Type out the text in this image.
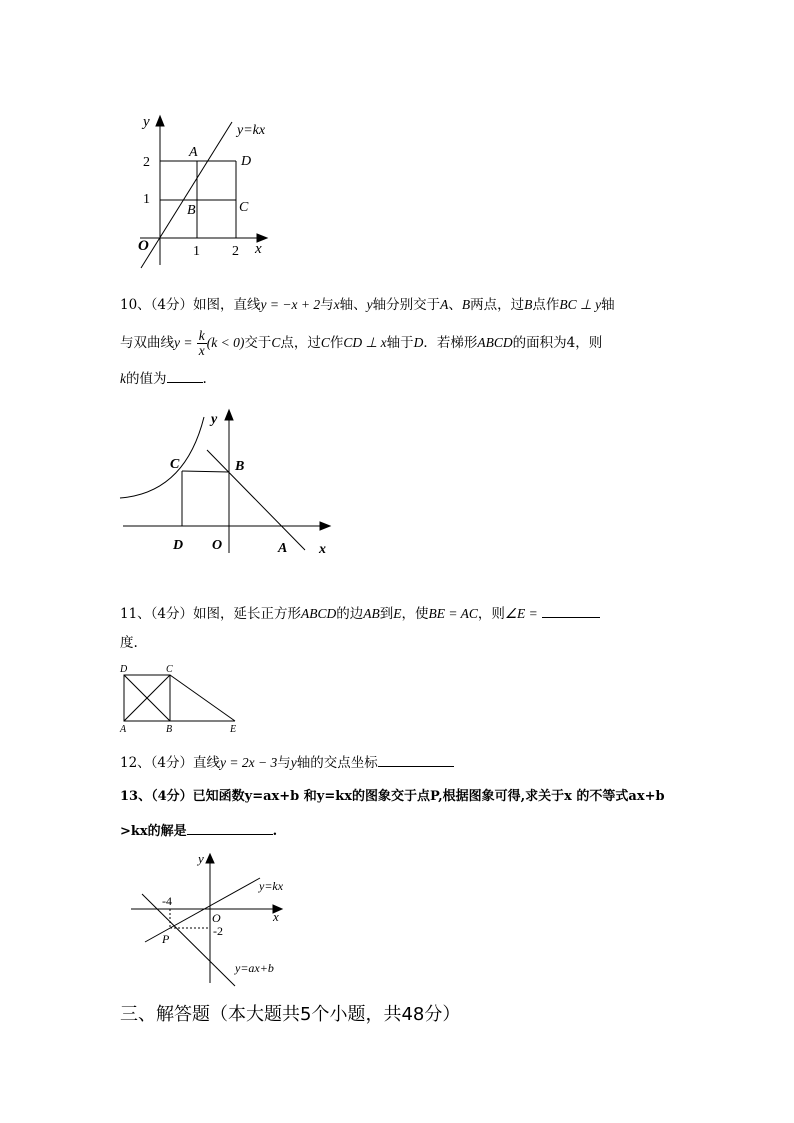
y
y=kx
A
D
2
1
B	C
O	1 2 x
10、（4分）如图，直线y = −x + 2与x轴、y轴分别交于A、B两点，过B点作BC ⊥ y轴
与双曲线$y = \frac{k}{x} (k < 0)$交于C点，过C作CD ⊥ x轴于D．若梯形ABCD的面积为4，则
k的值为	.
y
C	B
D O	A x
11、（4分）如图，延长正方形ABCD的边AB到E，使BE = AC，则∠E =
度.
D	C
A	B	E
12、（4分）直线y = 2x − 3与y轴的交点坐标
13、（4分）已知函数y=ax+b 和y=kx的图象交于点P,根据图象可得,求关于x 的不等式ax+b
>kx的解是	.
y
y=kx
-4
O	x
-2
P
y=ax+b
三、解答题（本大题共5个小题，共48分）
